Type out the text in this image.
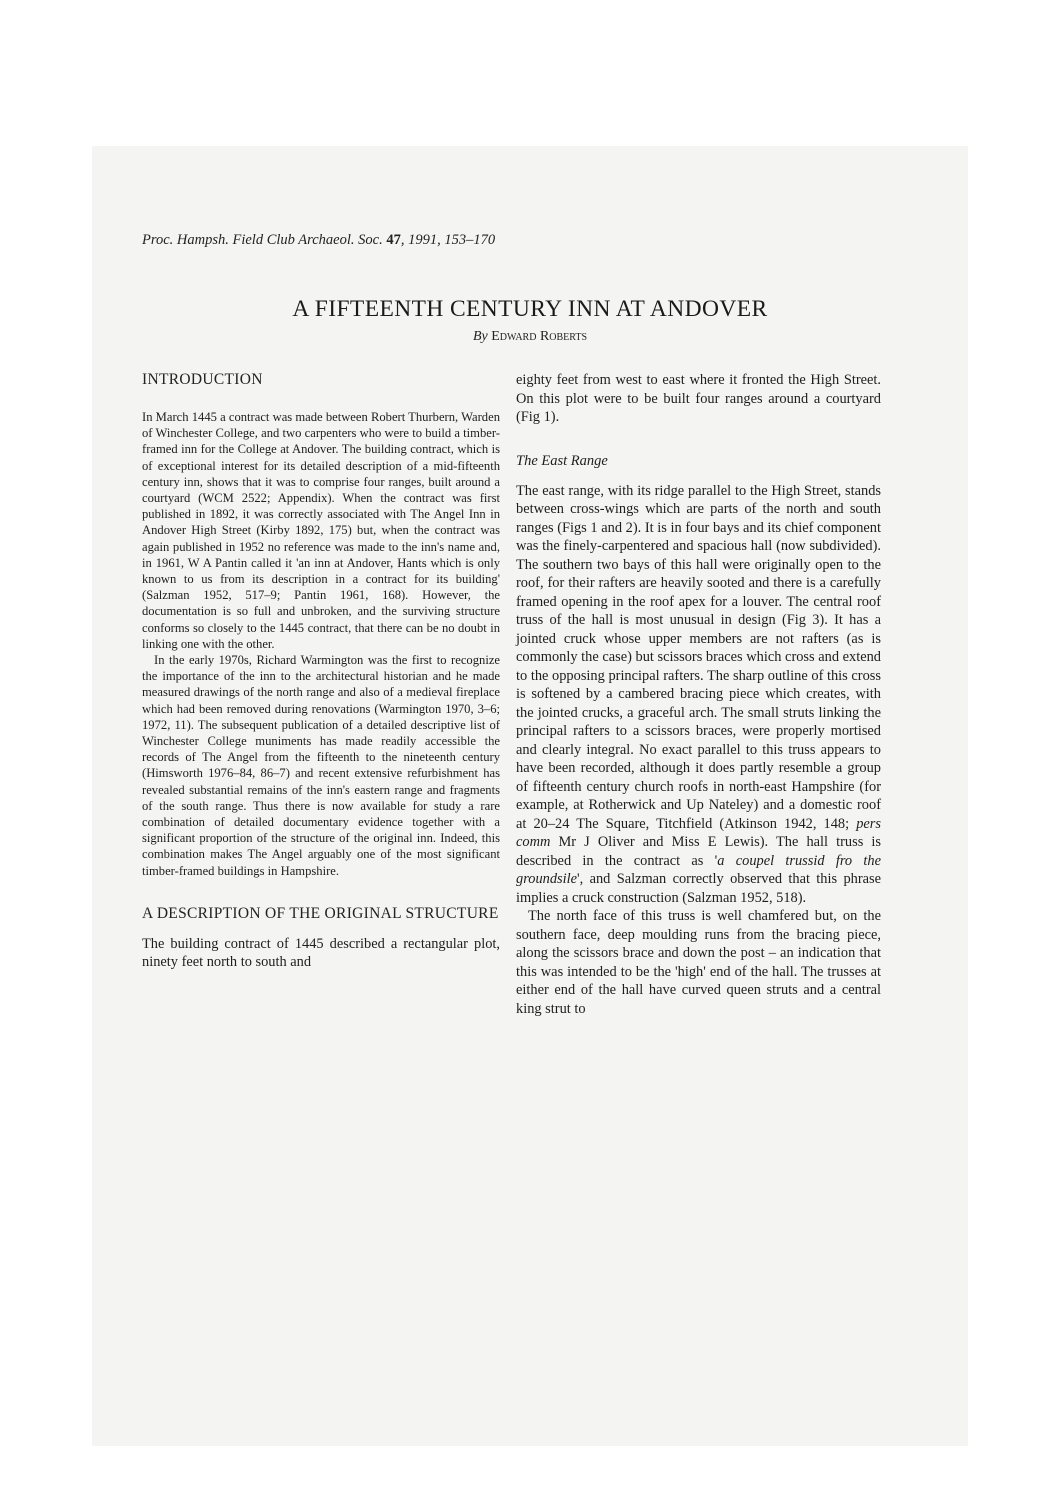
Proc. Hampsh. Field Club Archaeol. Soc. 47, 1991, 153–170
A FIFTEENTH CENTURY INN AT ANDOVER
By Edward Roberts
INTRODUCTION

In March 1445 a contract was made between Robert Thurbern, Warden of Winchester College, and two carpenters who were to build a timber-framed inn for the College at Andover. The building contract, which is of exceptional interest for its detailed description of a mid-fifteenth century inn, shows that it was to comprise four ranges, built around a courtyard (WCM 2522; Appendix). When the contract was first published in 1892, it was correctly associated with The Angel Inn in Andover High Street (Kirby 1892, 175) but, when the contract was again published in 1952 no reference was made to the inn's name and, in 1961, W A Pantin called it 'an inn at Andover, Hants which is only known to us from its description in a contract for its building' (Salzman 1952, 517–9; Pantin 1961, 168). However, the documentation is so full and unbroken, and the surviving structure conforms so closely to the 1445 contract, that there can be no doubt in linking one with the other.

In the early 1970s, Richard Warmington was the first to recognize the importance of the inn to the architectural historian and he made measured drawings of the north range and also of a medieval fireplace which had been removed during renovations (Warmington 1970, 3–6; 1972, 11). The subsequent publication of a detailed descriptive list of Winchester College muniments has made readily accessible the records of The Angel from the fifteenth to the nineteenth century (Himsworth 1976–84, 86–7) and recent extensive refurbishment has revealed substantial remains of the inn's eastern range and fragments of the south range. Thus there is now available for study a rare combination of detailed documentary evidence together with a significant proportion of the structure of the original inn. Indeed, this combination makes The Angel arguably one of the most significant timber-framed buildings in Hampshire.

A DESCRIPTION OF THE ORIGINAL STRUCTURE

The building contract of 1445 described a rectangular plot, ninety feet north to south and

eighty feet from west to east where it fronted the High Street. On this plot were to be built four ranges around a courtyard (Fig 1).

The East Range

The east range, with its ridge parallel to the High Street, stands between cross-wings which are parts of the north and south ranges (Figs 1 and 2). It is in four bays and its chief component was the finely-carpentered and spacious hall (now subdivided). The southern two bays of this hall were originally open to the roof, for their rafters are heavily sooted and there is a carefully framed opening in the roof apex for a louver. The central roof truss of the hall is most unusual in design (Fig 3). It has a jointed cruck whose upper members are not rafters (as is commonly the case) but scissors braces which cross and extend to the opposing principal rafters. The sharp outline of this cross is softened by a cambered bracing piece which creates, with the jointed crucks, a graceful arch. The small struts linking the principal rafters to a scissors braces, were properly mortised and clearly integral. No exact parallel to this truss appears to have been recorded, although it does partly resemble a group of fifteenth century church roofs in north-east Hampshire (for example, at Rotherwick and Up Nateley) and a domestic roof at 20–24 The Square, Titchfield (Atkinson 1942, 148; pers comm Mr J Oliver and Miss E Lewis). The hall truss is described in the contract as 'a coupel trussid fro the groundsile', and Salzman correctly observed that this phrase implies a cruck construction (Salzman 1952, 518).

The north face of this truss is well chamfered but, on the southern face, deep moulding runs from the bracing piece, along the scissors brace and down the post – an indication that this was intended to be the 'high' end of the hall. The trusses at either end of the hall have curved queen struts and a central king strut to
